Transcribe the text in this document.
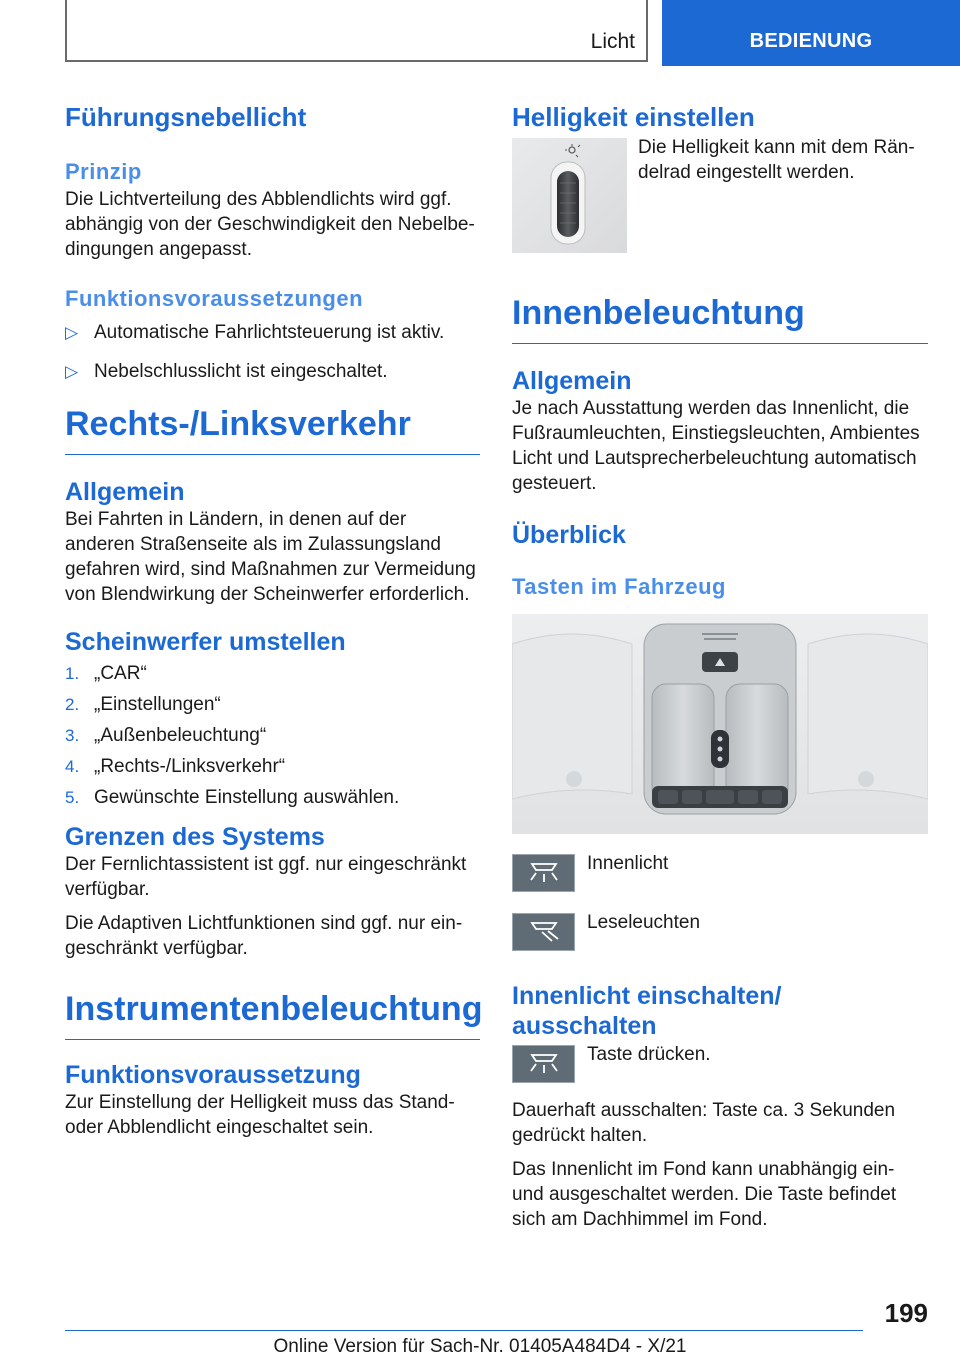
Licht	BEDIENUNG
Führungsnebellicht
Prinzip

Die Lichtverteilung des Abblendlichts wird ggf. abhängig von der Geschwindigkeit den Nebelbe‐dingungen angepasst.

Funktionsvoraussetzungen
▷ Automatische Fahrlichtsteuerung ist aktiv.
▷ Nebelschlusslicht ist eingeschaltet.
Rechts-/Linksverkehr
Allgemein

Bei Fahrten in Ländern, in denen auf der anderen Straßenseite als im Zulassungsland gefahren wird, sind Maßnahmen zur Vermeidung von Blendwirkung der Scheinwerfer erforderlich.

Scheinwerfer umstellen
1. „CAR“
2. „Einstellungen“
3. „Außenbeleuchtung“
4. „Rechts-/Linksverkehr“
5. Gewünschte Einstellung auswählen.
Grenzen des Systems

Der Fernlichtassistent ist ggf. nur eingeschränkt verfügbar.

Die Adaptiven Lichtfunktionen sind ggf. nur ein‐geschränkt verfügbar.

Instrumentenbeleuchtung
Funktionsvoraussetzung

Zur Einstellung der Helligkeit muss das Stand- oder Abblendlicht eingeschaltet sein.

Helligkeit einstellen

Die Helligkeit kann mit dem Rän‐delrad eingestellt werden.

Innenbeleuchtung
Allgemein

Je nach Ausstattung werden das Innenlicht, die Fußraumleuchten, Einstiegsleuchten, Ambientes Licht und Lautsprecherbeleuchtung automatisch gesteuert.

Überblick
Tasten im Fahrzeug

Innenlicht

Leseleuchten

Innenlicht einschalten/ ausschalten

Taste drücken.

Dauerhaft ausschalten: Taste ca. 3 Sekunden gedrückt halten.

Das Innenlicht im Fond kann unabhängig ein- und ausgeschaltet werden. Die Taste befindet sich am Dachhimmel im Fond.

199
Online Version für Sach-Nr. 01405A484D4 - X/21
